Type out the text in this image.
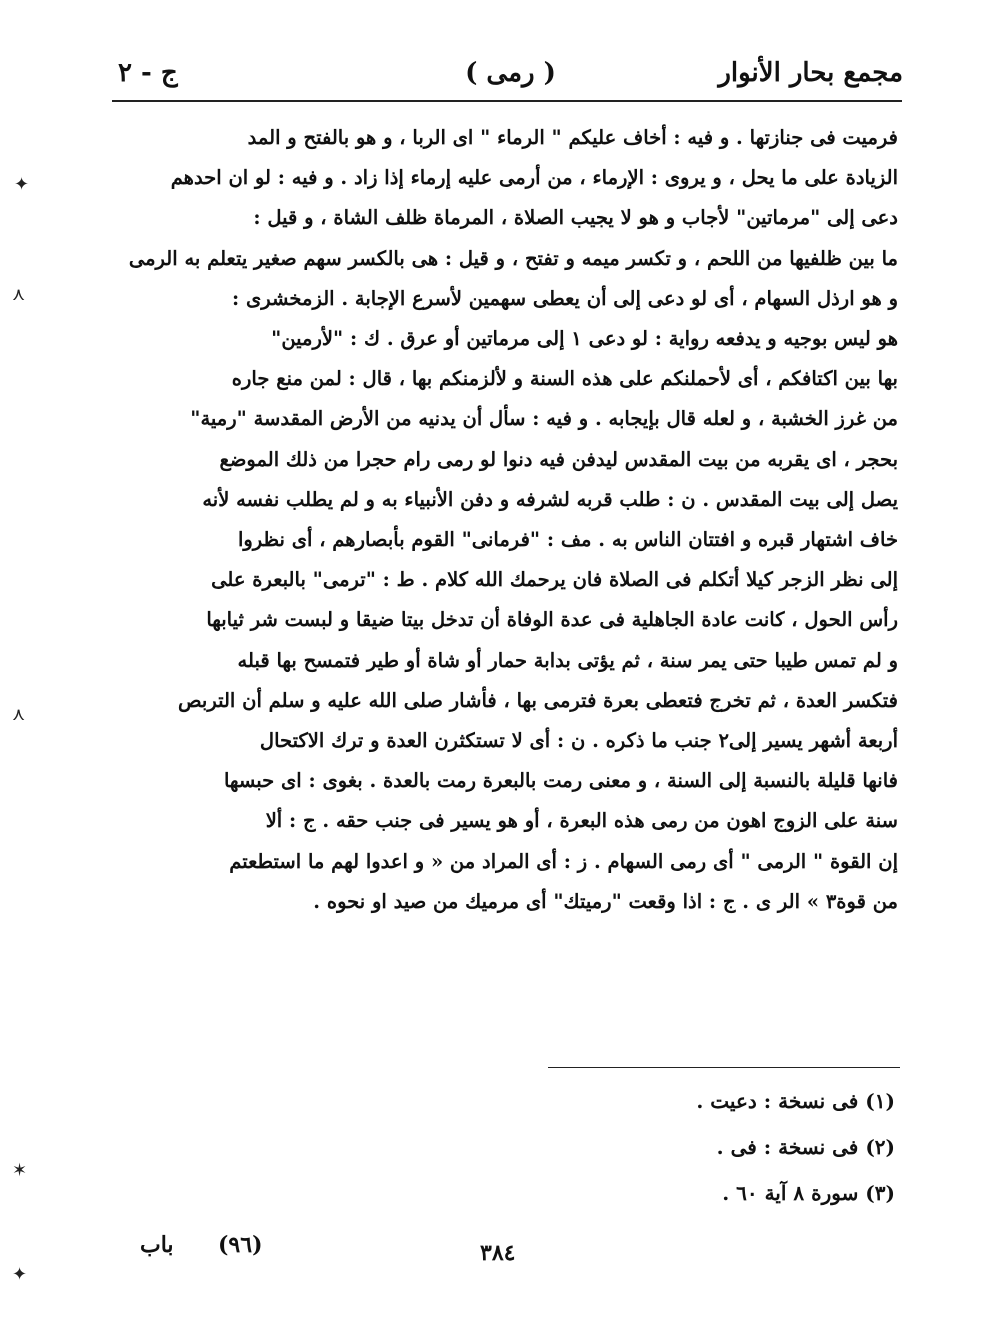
مجمع بحار الأنوار
( رمى )
ج - ٢
فرميت فى جنازتها . و فيه : أخاف عليكم " الرماء " اى الربا ، و هو بالفتح و المد
الزيادة على ما يحل ، و يروى : الإرماء ، من أرمى عليه إرماء إذا زاد . و فيه : لو ان احدهم
دعى إلى "مرماتين" لأجاب و هو لا يجيب الصلاة ، المرماة ظلف الشاة ، و قيل :
ما بين ظلفيها من اللحم ، و تكسر ميمه و تفتح ، و قيل : هى بالكسر سهم صغير يتعلم به الرمى
و هو ارذل السهام ، أى لو دعى إلى أن يعطى سهمين لأسرع الإجابة . الزمخشرى :
هو ليس بوجيه و يدفعه رواية : لو دعى ١ إلى مرماتين أو عرق . ك : "لأرمين"
بها بين اكتافكم ، أى لأحملنكم على هذه السنة و لألزمنكم بها ، قال : لمن منع جاره
من غرز الخشبة ، و لعله قال بإيجابه . و فيه : سأل أن يدنيه من الأرض المقدسة "رمية"
بحجر ، اى يقربه من بيت المقدس ليدفن فيه دنوا لو رمى رام حجرا من ذلك الموضع
يصل إلى بيت المقدس . ن : طلب قربه لشرفه و دفن الأنبياء به و لم يطلب نفسه لأنه
خاف اشتهار قبره و افتتان الناس به . مف : "فرمانى" القوم بأبصارهم ، أى نظروا
إلى نظر الزجر كيلا أتكلم فى الصلاة فان يرحمك الله كلام . ط : "ترمى" بالبعرة على
رأس الحول ، كانت عادة الجاهلية فى عدة الوفاة أن تدخل بيتا ضيقا و لبست شر ثيابها
و لم تمس طيبا حتى يمر سنة ، ثم يؤتى بدابة حمار أو شاة أو طير فتمسح بها قبله
فتكسر العدة ، ثم تخرج فتعطى بعرة فترمى بها ، فأشار صلى الله عليه و سلم أن التربص
أربعة أشهر يسير إلى٢ جنب ما ذكره . ن : أى لا تستكثرن العدة و ترك الاكتحال
فانها قليلة بالنسبة إلى السنة ، و معنى رمت بالبعرة رمت بالعدة . بغوى : اى حبسها
سنة على الزوج اهون من رمى هذه البعرة ، أو هو يسير فى جنب حقه . ج : ألا
إن القوة " الرمى " أى رمى السهام . ز : أى المراد من « و اعدوا لهم ما استطعتم
من قوة٣ » الر ى . ج : اذا وقعت "رميتك" أى مرميك من صيد او نحوه .
(١) فى نسخة : دعيت .
(٢) فى نسخة : فى .
(٣) سورة ٨ آية ٦٠ .
٣٨٤
(٩٦)
باب
✦
⋏
⋏
✶
✦
